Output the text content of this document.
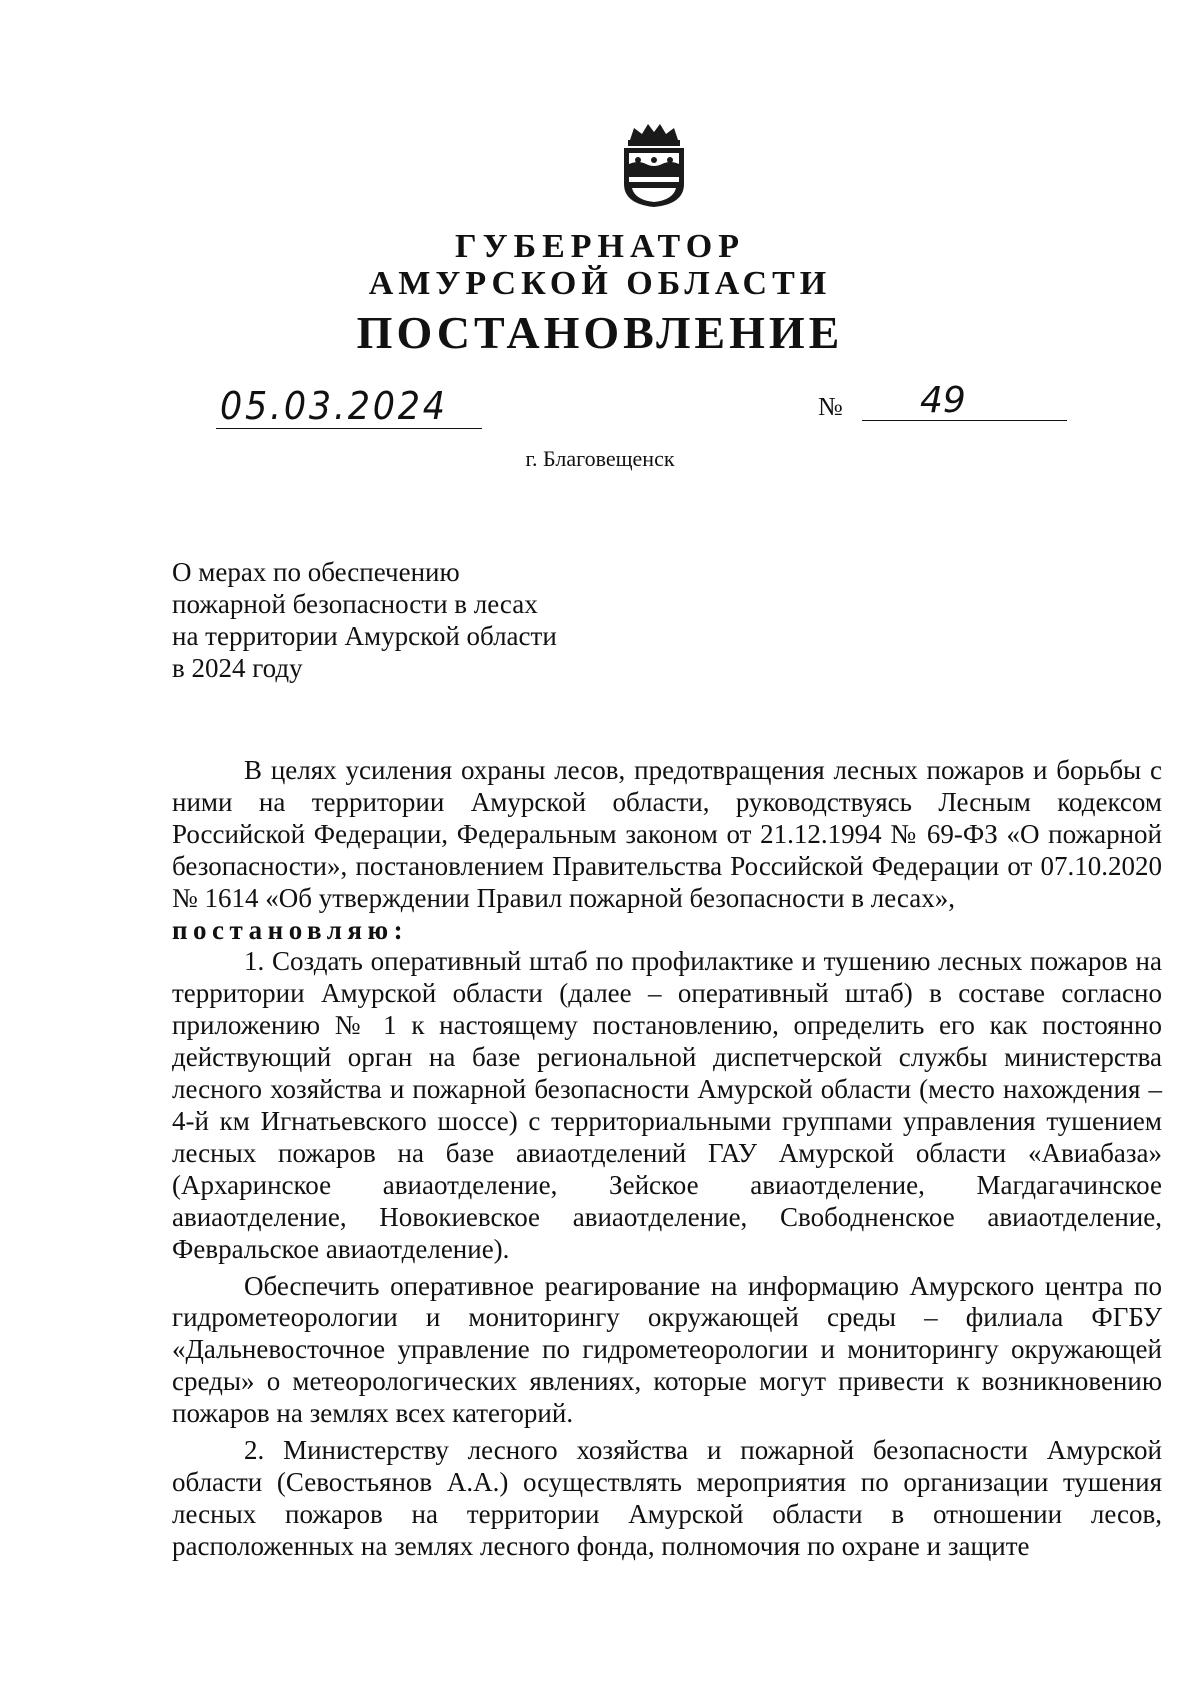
ГУБЕРНАТОР
АМУРСКОЙ ОБЛАСТИ
ПОСТАНОВЛЕНИЕ
05.03.2024	№ 49
г. Благовещенск
О мерах по обеспечению
пожарной безопасности в лесах
на территории Амурской области
в 2024 году

В целях усиления охраны лесов, предотвращения лесных пожаров и борьбы с ними на территории Амурской области, руководствуясь Лесным кодексом Российской Федерации, Федеральным законом от 21.12.1994 № 69-ФЗ «О пожарной безопасности», постановлением Правительства Российской Федерации от 07.10.2020 № 1614 «Об утверждении Правил пожарной безопасности в лесах»,

постановляю:

1. Создать оперативный штаб по профилактике и тушению лесных пожаров на территории Амурской области (далее – оперативный штаб) в составе согласно приложению № 1 к настоящему постановлению, определить его как постоянно действующий орган на базе региональной диспетчерской службы министерства лесного хозяйства и пожарной безопасности Амурской области (место нахождения – 4-й км Игнатьевского шоссе) с территориальными группами управления тушением лесных пожаров на базе авиаотделений ГАУ Амурской области «Авиабаза» (Архаринское авиаотделение, Зейское авиаотделение, Магдагачинское авиаотделение, Новокиевское авиаотделение, Свободненское авиаотделение, Февральское авиаотделение).

Обеспечить оперативное реагирование на информацию Амурского центра по гидрометеорологии и мониторингу окружающей среды – филиала ФГБУ «Дальневосточное управление по гидрометеорологии и мониторингу окружающей среды» о метеорологических явлениях, которые могут привести к возникновению пожаров на землях всех категорий.

2. Министерству лесного хозяйства и пожарной безопасности Амурской области (Севостьянов А.А.) осуществлять мероприятия по организации тушения лесных пожаров на территории Амурской области в отношении лесов, расположенных на землях лесного фонда, полномочия по охране и защите
